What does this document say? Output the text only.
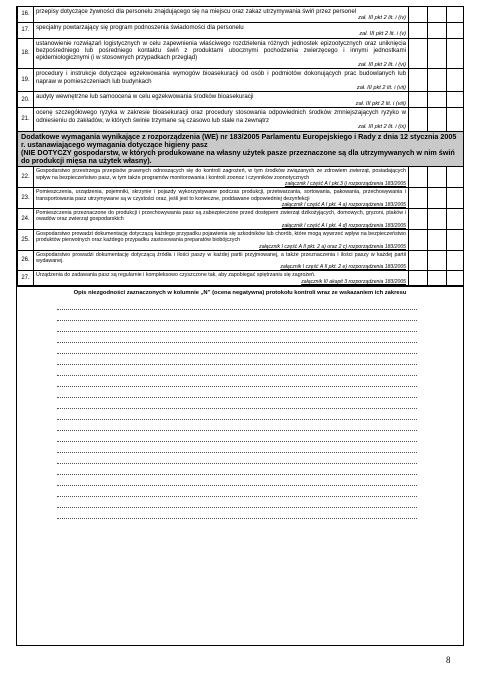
16.	przepisy dotyczące żywności dla personelu znajdującego się na miejscu oraz zakaz utrzymywania świń przez personel
zał. III pkt 2 lit. i (iv)			

17.	specjalny powtarzający się program podnoszenia świadomości dla personelu
zał. III pkt 2 lit. i (v)			

18.	ustanowienie rozwiązań logistycznych w celu zapewnienia właściwego rozdzielenia różnych jednostek epizootycznych oraz uniknięcia bezpośredniego lub pośredniego kontaktu świń z produktami ubocznymi pochodzenia zwierzęcego i innymi jednostkami epidemiologicznymi (i w stosownych przypadkach przegląd)
zał. III pkt 2 lit. i (vi)			

19.	procedury i instrukcje dotyczące egzekwowania wymogów bioasekuracji od osób i podmiotów dokonujących prac budowlanych lub napraw w pomieszczeniach lub budynkach
zał. III pkt 2 lit. i (vii)			

20.	audyty wewnętrzne lub samoocena w celu egzekwowania środków bioasekuracji
zał. III pkt 2 lit. i (viii)			

21.	ocenę szczegółowego ryzyka w zakresie bioasekuracji oraz procedury stosowania odpowiednich środków zmniejszających ryzyko w odniesieniu do zakładów, w których świnie trzymane są czasowo lub stale na zewnątrz
zał. III pkt 2 lit. i (ix)			

Dodatkowe wymagania wynikające z rozporządzenia (WE) nr 183/2005 Parlamentu Europejskiego i Rady z dnia 12 stycznia 2005 r. ustanawiającego wymagania dotyczące higieny pasz
(NIE DOTYCZY gospodarstw, w których produkowane na własny użytek pasze przeznaczone są dla utrzymywanych w nim świń do produkcji mięsa na użytek własny).				
22.	Gospodarstwo przestrzega przepisów prawnych odnoszących się do kontroli zagrożeń, w tym środków związanych ze zdrowiem zwierząt, posiadających wpływ na bezpieczeństwo pasz, w tym także programów monitorowania i kontroli zoonoz i czynników zoonotycznych
załącznik I część A I pkt.3 i) rozporządzenia 183/2005			

23.	Pomieszczenia, urządzenia, pojemniki, skrzynie i pojazdy wykorzystywane podczas produkcji, przetwarzania, sortowania, pakowania, przechowywania i transportowania pasz utrzymywane są w czystości oraz, jeśli jest to konieczne, poddawane odpowiedniej dezynfekcji
załącznik I część A I pkt. 4 a) rozporządzenia 183/2005			

24.	Pomieszczenia przeznaczone do produkcji i przechowywania pasz są zabezpieczone przed dostępem zwierząt dzikożyjących, domowych, gryzoni, ptaków i owadów oraz zwierząt gospodarskich
załącznik I część A I pkt. 4 d) rozporządzenia 183/2005			

25.	Gospodarstwo prowadzi dokumentację dotyczącą każdego przypadku pojawienia się szkodników lub chorób, które mogą wywrzeć wpływ na bezpieczeństwo produktów pierwotnych oraz każdego przypadku zastosowania preparatów biobójczych
załącznik I część A II pkt. 2 a) oraz 2 c) rozporządzenia 183/2005			

26.	Gospodarstwo prowadzi dokumentację dotyczącą źródła i ilości paszy w każdej partii przyjmowanej, a także przeznaczenia i ilości paszy w każdej partii wydawanej.
załącznik I część A II pkt. 2 e) rozporządzenia 183/2005			

27.	Urządzenia do zadawania pasz są regularnie i kompleksowo czyszczone tak, aby zapobiegać spiętrzaniu się zagrożeń.
załącznik III akapit 3 rozporządzenia 183/2005			

Opis niezgodności zaznaczonych w kolumnie „N” (ocena negatywna) protokołu kontroli wraz ze wskazaniem ich zakresu
8
